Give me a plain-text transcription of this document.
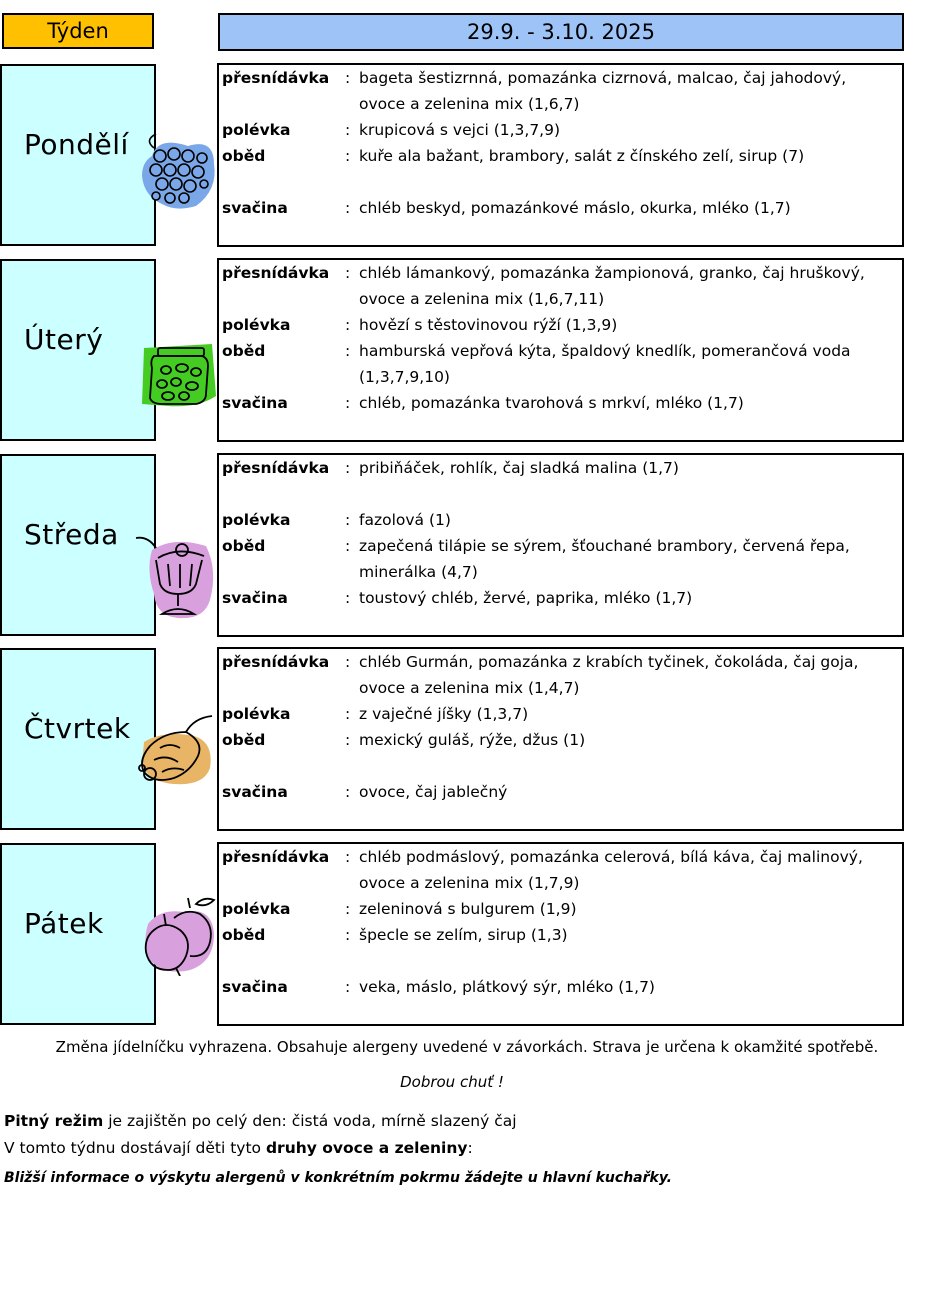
Týden	29.9. - 3.10. 2025
Pondělí
přesnídávka : bageta šestizrnná, pomazánka cizrnová, malcao, čaj jahodový,
ovoce a zelenina mix (1,6,7)
polévka	: krupicová s vejci (1,3,7,9)
oběd	: kuře ala bažant, brambory, salát z čínského zelí, sirup (7)
svačina	: chléb beskyd, pomazánkové máslo, okurka, mléko (1,7)
Úterý
přesnídávka : chléb lámankový, pomazánka žampionová, granko, čaj hruškový,
ovoce a zelenina mix (1,6,7,11)
polévka	: hovězí s těstovinovou rýží (1,3,9)
oběd	: hamburská vepřová kýta, špaldový knedlík, pomerančová voda
(1,3,7,9,10)
svačina	: chléb, pomazánka tvarohová s mrkví, mléko (1,7)
Středa
přesnídávka : pribiňáček, rohlík, čaj sladká malina (1,7)
polévka	: fazolová (1)
oběd	: zapečená tilápie se sýrem, šťouchané brambory, červená řepa,
minerálka (4,7)
svačina	: toustový chléb, žervé, paprika, mléko (1,7)
Čtvrtek
přesnídávka : chléb Gurmán, pomazánka z krabích tyčinek, čokoláda, čaj goja,
ovoce a zelenina mix (1,4,7)
polévka	: z vaječné jíšky (1,3,7)
oběd	: mexický guláš, rýže, džus (1)
svačina	: ovoce, čaj jablečný
Pátek
přesnídávka : chléb podmáslový, pomazánka celerová, bílá káva, čaj malinový,
ovoce a zelenina mix (1,7,9)
polévka	: zeleninová s bulgurem (1,9)
oběd	: špecle se zelím, sirup (1,3)
svačina	: veka, máslo, plátkový sýr, mléko (1,7)
Změna jídelníčku vyhrazena. Obsahuje alergeny uvedené v závorkách. Strava je určena k okamžité spotřebě.
Dobrou chuť !
Pitný režim je zajištěn po celý den: čistá voda, mírně slazený čaj
V tomto týdnu dostávají děti tyto druhy ovoce a zeleniny:
Bližší informace o výskytu alergenů v konkrétním pokrmu žádejte u hlavní kuchařky.
